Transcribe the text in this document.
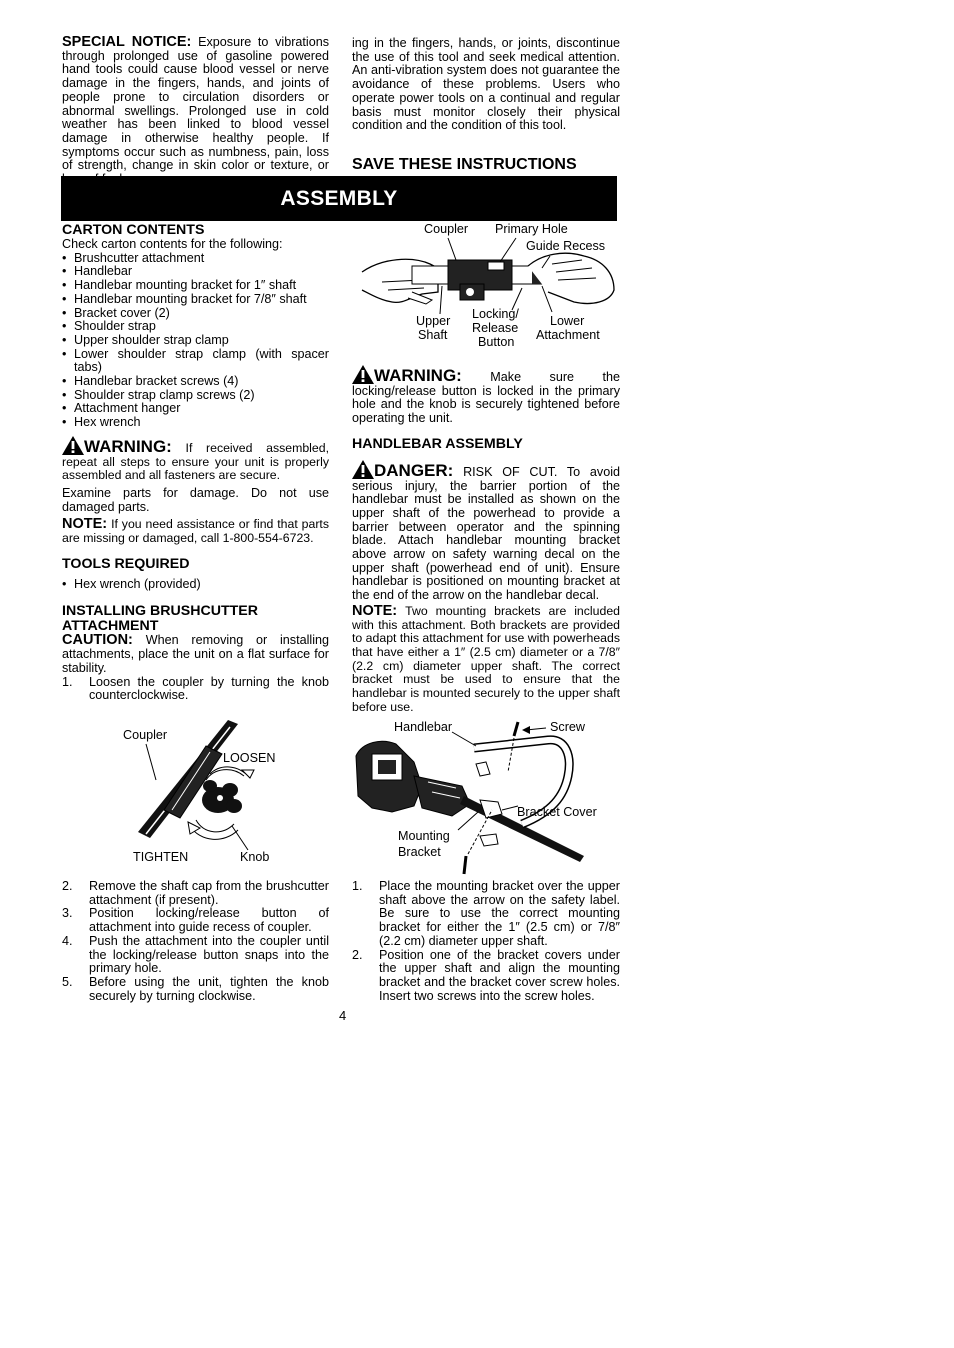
SPECIAL NOTICE: Exposure to vibrations through prolonged use of gasoline powered hand tools could cause blood vessel or nerve damage in the fingers, hands, and joints of people prone to circulation disorders or abnormal swellings. Prolonged use in cold weather has been linked to blood vessel damage in otherwise healthy people. If symptoms occur such as numbness, pain, loss of strength, change in skin color or texture, or

ing in the fingers, hands, or joints, discontinue the use of this tool and seek medical attention. An anti-vibration system does not guarantee the avoidance of these problems. Users who operate power tools on a continual and regular basis must monitor closely their physical condition and the condition of this tool.

SAVE THESE INSTRUCTIONS
ASSEMBLY
CARTON CONTENTS

Check carton contents for the following:

• Brushcutter attachment
• Handlebar
• Handlebar mounting bracket for 1″ shaft
• Handlebar mounting bracket for 7/8″ shaft
• Bracket cover (2)
• Shoulder strap
• Upper shoulder strap clamp
• Lower shoulder strap clamp (with spacer tabs)
• Handlebar bracket screws (4)
• Shoulder strap clamp screws (2)
• Attachment hanger
• Hex wrench

WARNING: If received assembled, repeat all steps to ensure your unit is properly assembled and all fasteners are secure.

Examine parts for damage. Do not use damaged parts.

NOTE: If you need assistance or find that parts are missing or damaged, call 1-800-554-6723.

TOOLS REQUIRED
• Hex wrench (provided)
INSTALLING BRUSHCUTTER ATTACHMENT

CAUTION: When removing or installing attachments, place the unit on a flat surface for stability.

1. Loosen the coupler by turning the knob counterclockwise.
Coupler
LOOSEN
TIGHTEN	Knob
2. Remove the shaft cap from the brushcutter attachment (if present).
3. Position locking/release button of attachment into guide recess of coupler.
4. Push the attachment into the coupler until the locking/release button snaps into the primary hole.
5. Before using the unit, tighten the knob securely by turning clockwise.
Coupler Primary Hole
Guide Recess
Upper
Shaft
Locking/
Release
Button
Lower
Attachment

WARNING: Make sure the locking/release button is locked in the primary hole and the knob is securely tightened before operating the unit.

HANDLEBAR ASSEMBLY

DANGER: RISK OF CUT. To avoid serious injury, the barrier portion of the handlebar must be installed as shown on the upper shaft of the powerhead to provide a barrier between operator and the spinning blade. Attach handlebar mounting bracket above arrow on safety warning decal on the upper shaft (powerhead end of unit). Ensure handlebar is positioned on mounting bracket at the end of the arrow on the handlebar decal.

NOTE: Two mounting brackets are included with this attachment. Both brackets are provided to adapt this attachment for use with powerheads that have either a 1″ (2.5 cm) diameter or a 7/8″ (2.2 cm) diameter upper shaft. The correct bracket must be used to ensure that the handlebar is mounted securely to the upper shaft before use.

Handlebar	Screw
Bracket Cover
Mounting
Bracket
1. Place the mounting bracket over the upper shaft above the arrow on the safety label. Be sure to use the correct mounting bracket for either the 1″ (2.5 cm) or 7/8″ (2.2 cm) diameter upper shaft.
2. Position one of the bracket covers under the upper shaft and align the mounting bracket and the bracket cover screw holes. Insert two screws into the screw holes.
4
